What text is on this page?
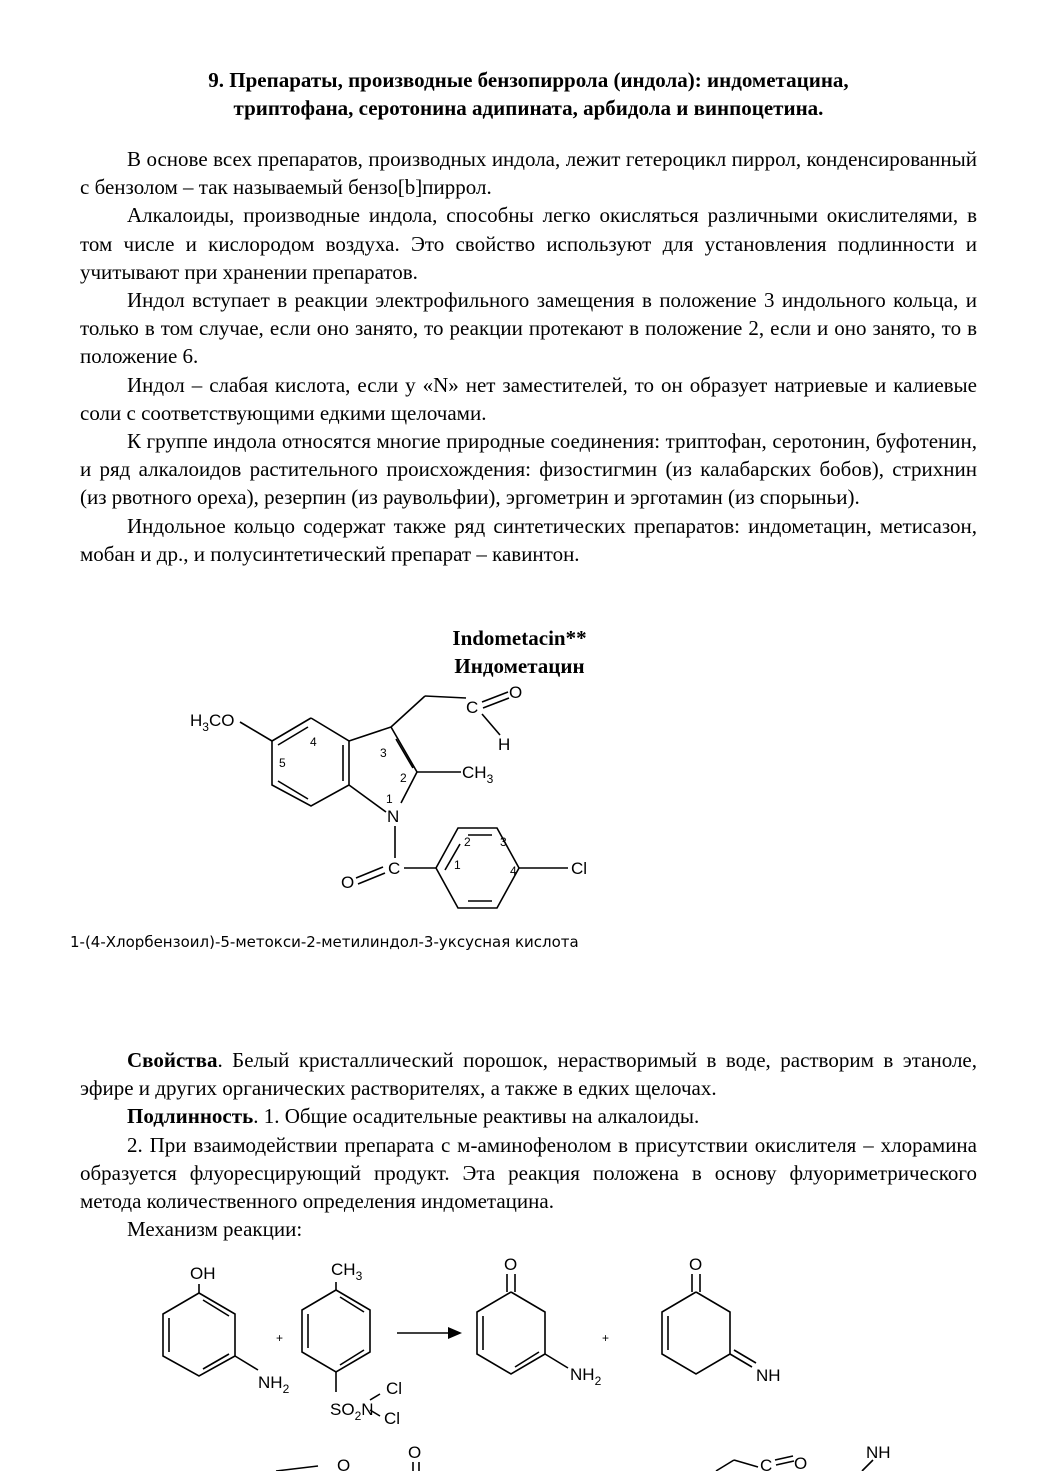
9. Препараты, производные бензопиррола (индола): индометацина,
триптофана, серотонина адипината, арбидола и винпоцетина.

В основе всех препаратов, производных индола, лежит гетероцикл пиррол, конденсированный с бензолом – так называемый бензо[b]пиррол.

Алкалоиды, производные индола, способны легко окисляться различными окислителями, в том числе и кислородом воздуха. Это свойство используют для установления подлинности и учитывают при хранении препаратов.

Индол вступает в реакции электрофильного замещения в положение 3 индольного кольца, и только в том случае, если оно занято, то реакции протекают в положение 2, если и оно занято, то в положение 6.

Индол – слабая кислота, если у «N» нет заместителей, то он образует натриевые и калиевые соли с соответствующими едкими щелочами.

К группе индола относятся многие природные соединения: триптофан, серотонин, буфотенин, и ряд алкалоидов растительного происхождения: физостигмин (из калабарских бобов), стрихнин (из рвотного ореха), резерпин (из раувольфии), эргометрин и эрготамин (из спорыньи).

Индольное кольцо содержат также ряд синтетических препаратов: индометацин, метисазон, мобан и др., и полусинтетический препарат – кавинтон.

Indometacin**
Индометацин
$H_3CO$
C
O
H
$CH_3$
N
C
O
Cl
4
5
3
2
1
2 3
1	4
1-(4-Хлорбензоил)-5-метокси-2-метилиндол-3-уксусная кислота

Свойства. Белый кристаллический порошок, нерастворимый в воде, растворим в этаноле, эфире и других органических растворителях, а также в едких щелочах.

Подлинность. 1. Общие осадительные реактивы на алкалоиды.

2. При взаимодействии препарата с м-аминофенолом в присутствии окислителя – хлорамина образуется флуоресцирующий продукт. Эта реакция положена в основу флуориметрического метода количественного определения индометацина.

Механизм реакции:

OH
$NH_2$
+
$CH_3$
Cl
$SO_2N$ Cl
O
$NH_2$
+
O
NH
O
O
C O
NH
